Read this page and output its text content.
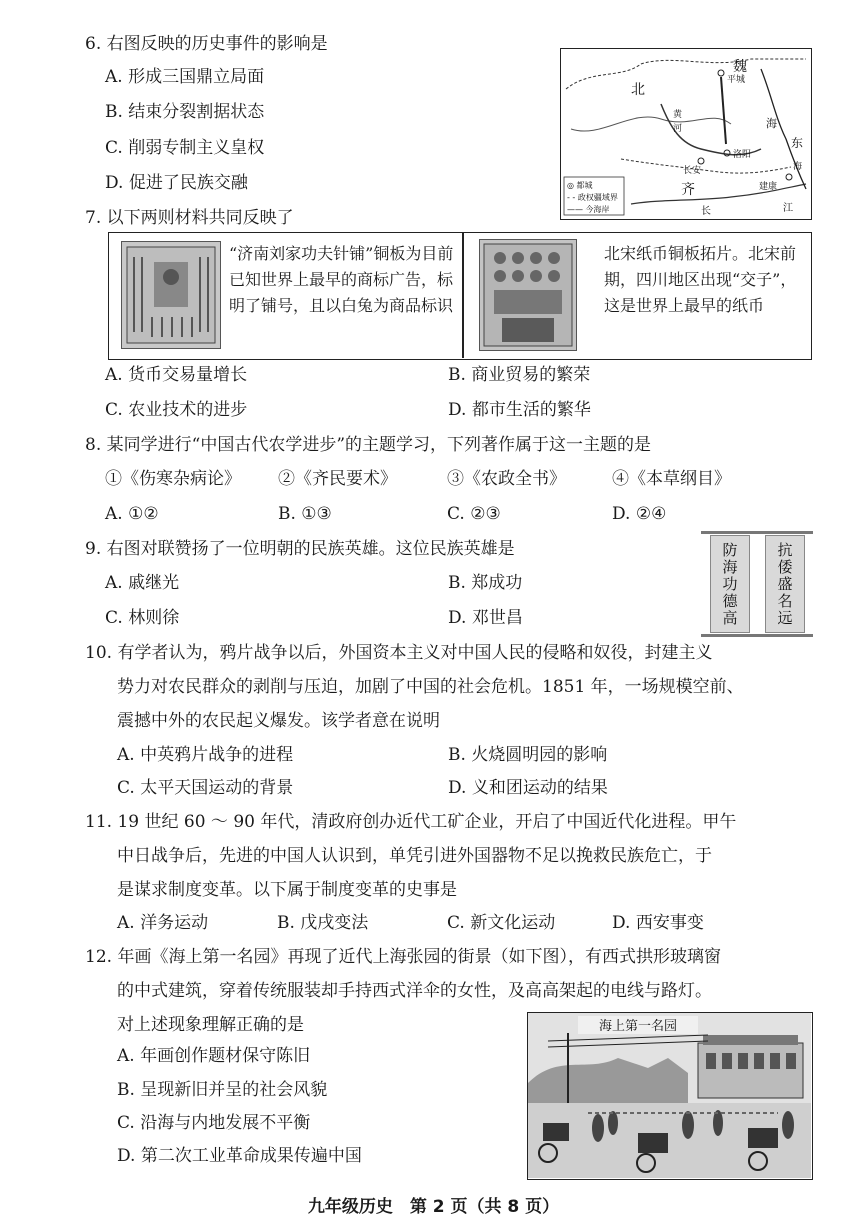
6. 右图反映的历史事件的影响是
A. 形成三国鼎立局面
B. 结束分裂割据状态
C. 削弱专制主义皇权
D. 促进了民族交融
北
魏
平城
黄
河	海
东
长安
洛阳
海
齐	建康
长	江
◎ 都城
- - 政权疆域界
—— 今海岸
7. 以下两则材料共同反映了
“济南刘家功夫针铺”铜板为目前已知世界上最早的商标广告，标明了铺号，且以白兔为商品标识
北宋纸币铜板拓片。北宋前期，四川地区出现“交子”，这是世界上最早的纸币
A. 货币交易量增长	B. 商业贸易的繁荣
C. 农业技术的进步	D. 都市生活的繁华
8. 某同学进行“中国古代农学进步”的主题学习，下列著作属于这一主题的是
①《伤寒杂病论》 ②《齐民要术》	③《农政全书》	④《本草纲目》
A. ①②	B. ①③	C. ②③	D. ②④
9. 右图对联赞扬了一位明朝的民族英雄。这位民族英雄是
A. 戚继光	B. 郑成功
C. 林则徐	D. 邓世昌	防海功德高 抗倭盛名远
10. 有学者认为，鸦片战争以后，外国资本主义对中国人民的侵略和奴役，封建主义
势力对农民群众的剥削与压迫，加剧了中国的社会危机。1851 年，一场规模空前、
震撼中外的农民起义爆发。该学者意在说明
A. 中英鸦片战争的进程	B. 火烧圆明园的影响
C. 太平天国运动的背景	D. 义和团运动的结果
11. 19 世纪 60 ～ 90 年代，清政府创办近代工矿企业，开启了中国近代化进程。甲午
中日战争后，先进的中国人认识到，单凭引进外国器物不足以挽救民族危亡，于
是谋求制度变革。以下属于制度变革的史事是
A. 洋务运动	B. 戊戌变法	C. 新文化运动	D. 西安事变
12. 年画《海上第一名园》再现了近代上海张园的街景（如下图），有西式拱形玻璃窗
的中式建筑，穿着传统服装却手持西式洋伞的女性，及高高架起的电线与路灯。
对上述现象理解正确的是
A. 年画创作题材保守陈旧
B. 呈现新旧并呈的社会风貌
C. 沿海与内地发展不平衡
D. 第二次工业革命成果传遍中国
海上第一名园
九年级历史　第 2 页（共 8 页）
